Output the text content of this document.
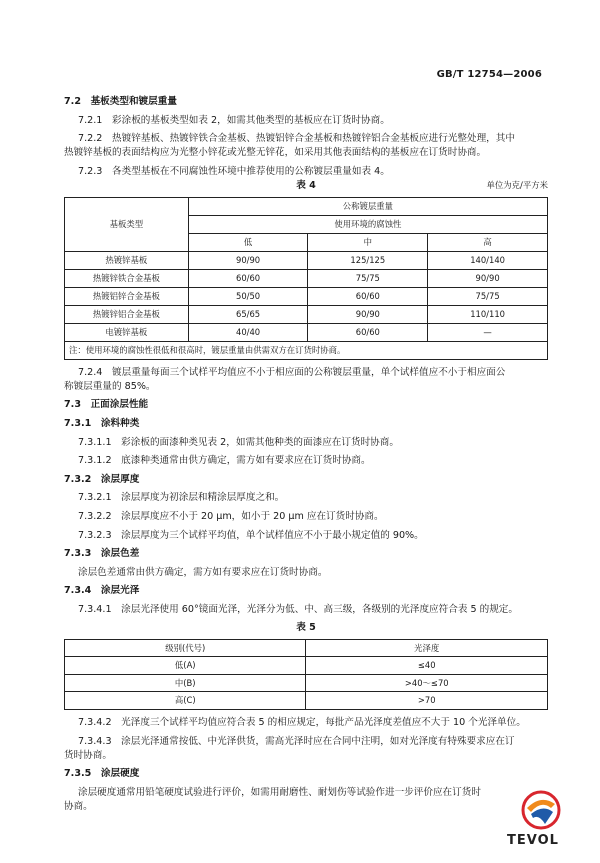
GB/T 12754—2006

7.2　基板类型和镀层重量

7.2.1　 彩涂板的基板类型如表 2，如需其他类型的基板应在订货时协商。

7.2.2　 热镀锌基板、热镀锌铁合金基板、热镀铝锌合金基板和热镀锌铝合金基板应进行光整处理，其中

热镀锌基板的表面结构应为光整小锌花或光整无锌花，如采用其他表面结构的基板应在订货时协商。

7.2.3　 各类型基板在不同腐蚀性环境中推荐使用的公称镀层重量如表 4。

表 4	单位为克/平方米
基板类型	公称镀层重量		
	使用环境的腐蚀性		
	低	中	高
热镀锌基板	90/90	125/125	140/140
热镀锌铁合金基板	60/60	75/75	90/90
热镀铝锌合金基板	50/50	60/60	75/75
热镀锌铝合金基板	65/65	90/90	110/110
电镀锌基板	40/40	60/60	—
注：使用环境的腐蚀性很低和很高时，镀层重量由供需双方在订货时协商。			

7.2.4　 镀层重量每面三个试样平均值应不小于相应面的公称镀层重量，单个试样值应不小于相应面公

称镀层重量的 85%。

7.3　正面涂层性能

7.3.1　涂料种类

7.3.1.1　 彩涂板的面漆种类见表 2，如需其他种类的面漆应在订货时协商。

7.3.1.2　 底漆种类通常由供方确定，需方如有要求应在订货时协商。

7.3.2　涂层厚度

7.3.2.1　 涂层厚度为初涂层和精涂层厚度之和。

7.3.2.2　 涂层厚度应不小于 20 μm，如小于 20 μm 应在订货时协商。

7.3.2.3　 涂层厚度为三个试样平均值，单个试样值应不小于最小规定值的 90%。

7.3.3　涂层色差

涂层色差通常由供方确定，需方如有要求应在订货时协商。

7.3.4　涂层光泽

7.3.4.1　 涂层光泽使用 60°镜面光泽，光泽分为低、中、高三级，各级别的光泽度应符合表 5 的规定。

表 5
级别(代号)	光泽度
低(A)	≤40
中(B)	>40～≤70
高(C)	>70

7.3.4.2　 光泽度三个试样平均值应符合表 5 的相应规定，每批产品光泽度差值应不大于 10 个光泽单位。

7.3.4.3　 涂层光泽通常按低、中光泽供货，需高光泽时应在合同中注明，如对光泽度有特殊要求应在订

货时协商。

7.3.5　涂层硬度

涂层硬度通常用铅笔硬度试验进行评价，如需用耐磨性、耐划伤等试验作进一步评价应在订货时

协商。

TEVOL
